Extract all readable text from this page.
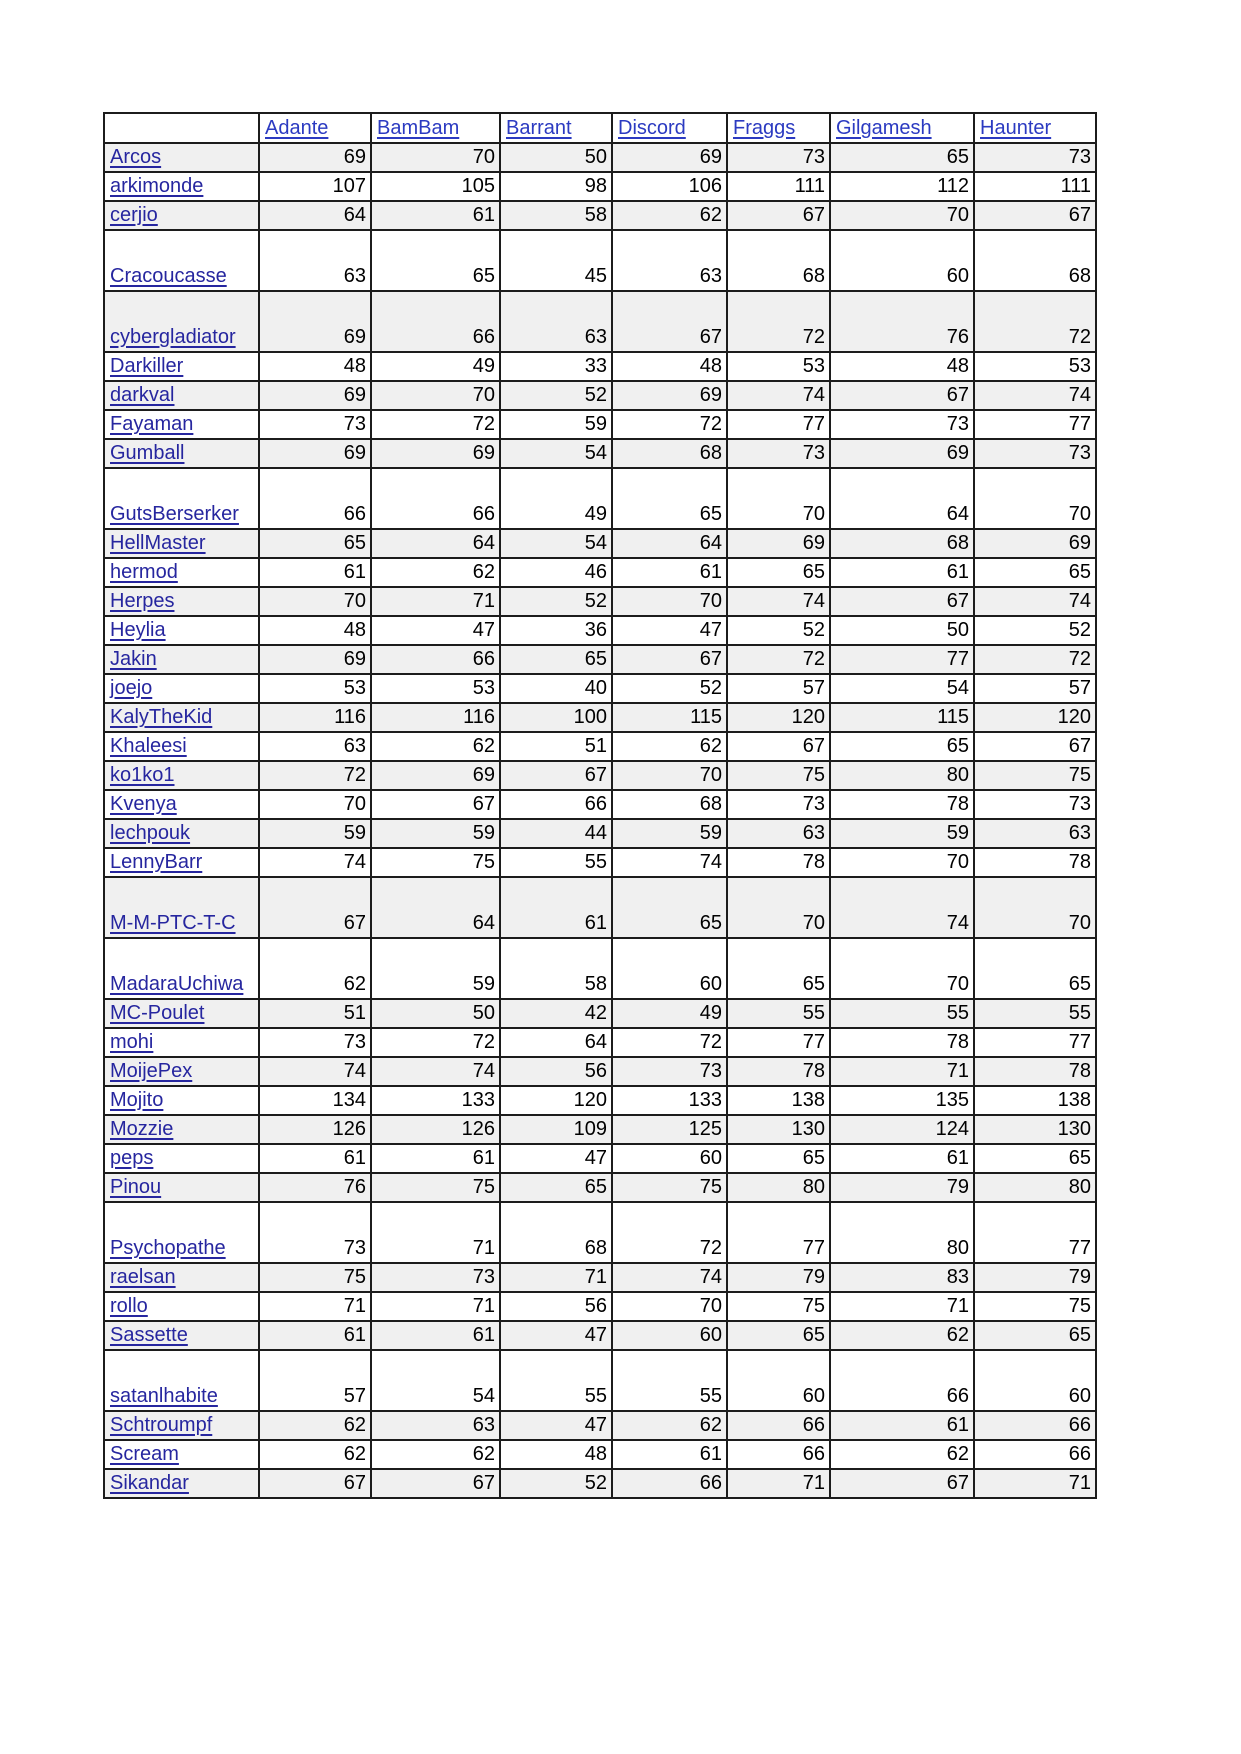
	Adante	BamBam	Barrant	Discord	Fraggs	Gilgamesh	Haunter
Arcos	69	70	50	69	73	65	73
arkimonde	107	105	98	106	111	112	111
cerjio	64	61	58	62	67	70	67
Cracoucasse	63	65	45	63	68	60	68
cybergladiator	69	66	63	67	72	76	72
Darkiller	48	49	33	48	53	48	53
darkval	69	70	52	69	74	67	74
Fayaman	73	72	59	72	77	73	77
Gumball	69	69	54	68	73	69	73
GutsBerserker	66	66	49	65	70	64	70
HellMaster	65	64	54	64	69	68	69
hermod	61	62	46	61	65	61	65
Herpes	70	71	52	70	74	67	74
Heylia	48	47	36	47	52	50	52
Jakin	69	66	65	67	72	77	72
joejo	53	53	40	52	57	54	57
KalyTheKid	116	116	100	115	120	115	120
Khaleesi	63	62	51	62	67	65	67
ko1ko1	72	69	67	70	75	80	75
Kvenya	70	67	66	68	73	78	73
lechpouk	59	59	44	59	63	59	63
LennyBarr	74	75	55	74	78	70	78
M-M-PTC-T-C	67	64	61	65	70	74	70
MadaraUchiwa	62	59	58	60	65	70	65
MC-Poulet	51	50	42	49	55	55	55
mohi	73	72	64	72	77	78	77
MoijePex	74	74	56	73	78	71	78
Mojito	134	133	120	133	138	135	138
Mozzie	126	126	109	125	130	124	130
peps	61	61	47	60	65	61	65
Pinou	76	75	65	75	80	79	80
Psychopathe	73	71	68	72	77	80	77
raelsan	75	73	71	74	79	83	79
rollo	71	71	56	70	75	71	75
Sassette	61	61	47	60	65	62	65
satanlhabite	57	54	55	55	60	66	60
Schtroumpf	62	63	47	62	66	61	66
Scream	62	62	48	61	66	62	66
Sikandar	67	67	52	66	71	67	71
